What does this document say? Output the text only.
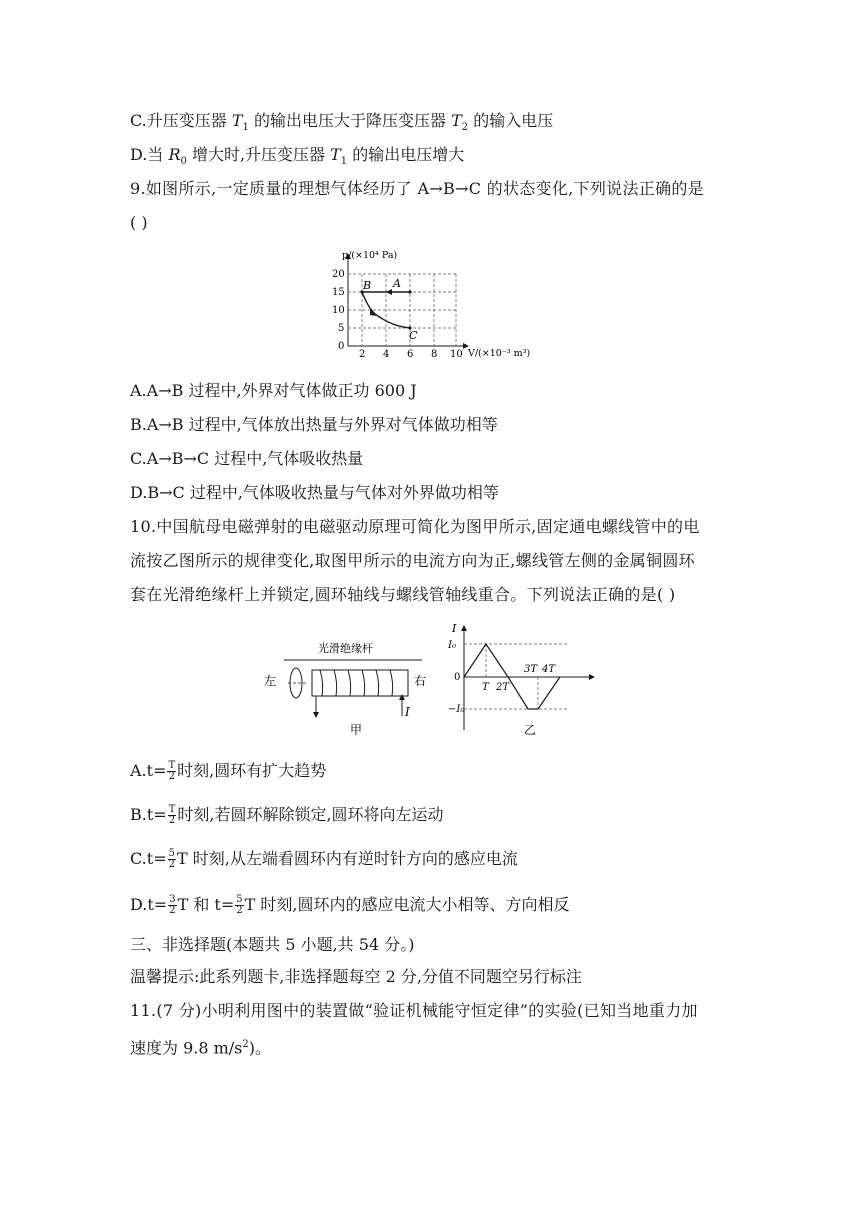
C.升压变压器 $T_1$ 的输出电压大于降压变压器 $T_2$ 的输入电压
D.当 $R_0$ 增大时,升压变压器 $T_1$ 的输出电压增大
9.如图所示,一定质量的理想气体经历了 A→B→C 的状态变化,下列说法正确的是
( )
p/(×10⁴ Pa)
V/(×10⁻³ m³)
20
15
10
5
0
2 4 6 8 10
A
B
C
A.A→B 过程中,外界对气体做正功 600 J
B.A→B 过程中,气体放出热量与外界对气体做功相等
C.A→B→C 过程中,气体吸收热量
D.B→C 过程中,气体吸收热量与气体对外界做功相等
10.中国航母电磁弹射的电磁驱动原理可简化为图甲所示,固定通电螺线管中的电
流按乙图所示的规律变化,取图甲所示的电流方向为正,螺线管左侧的金属铜圆环
套在光滑绝缘杆上并锁定,圆环轴线与螺线管轴线重合。下列说法正确的是( )
光滑绝缘杆
左	右
I
甲
I
I₀
0
−I₀
T 2T
3T 4T
乙
$A.t= \frac{T}{2}$ 时刻,圆环有扩大趋势
$B.t= \frac{T}{2}$ 时刻,若圆环解除锁定,圆环将向左运动
$C.t= \frac{5}{2}$ T 时刻,从左端看圆环内有逆时针方向的感应电流
$D.t= \frac{3}{2}$ T 和 $t= \frac{5}{2}$ T 时刻,圆环内的感应电流大小相等、方向相反
三、非选择题(本题共 5 小题,共 54 分。)
温馨提示:此系列题卡,非选择题每空 2 分,分值不同题空另行标注
11.(7 分)小明利用图中的装置做“验证机械能守恒定律”的实验(已知当地重力加
速度为 9.8 $m/s^2$)。
